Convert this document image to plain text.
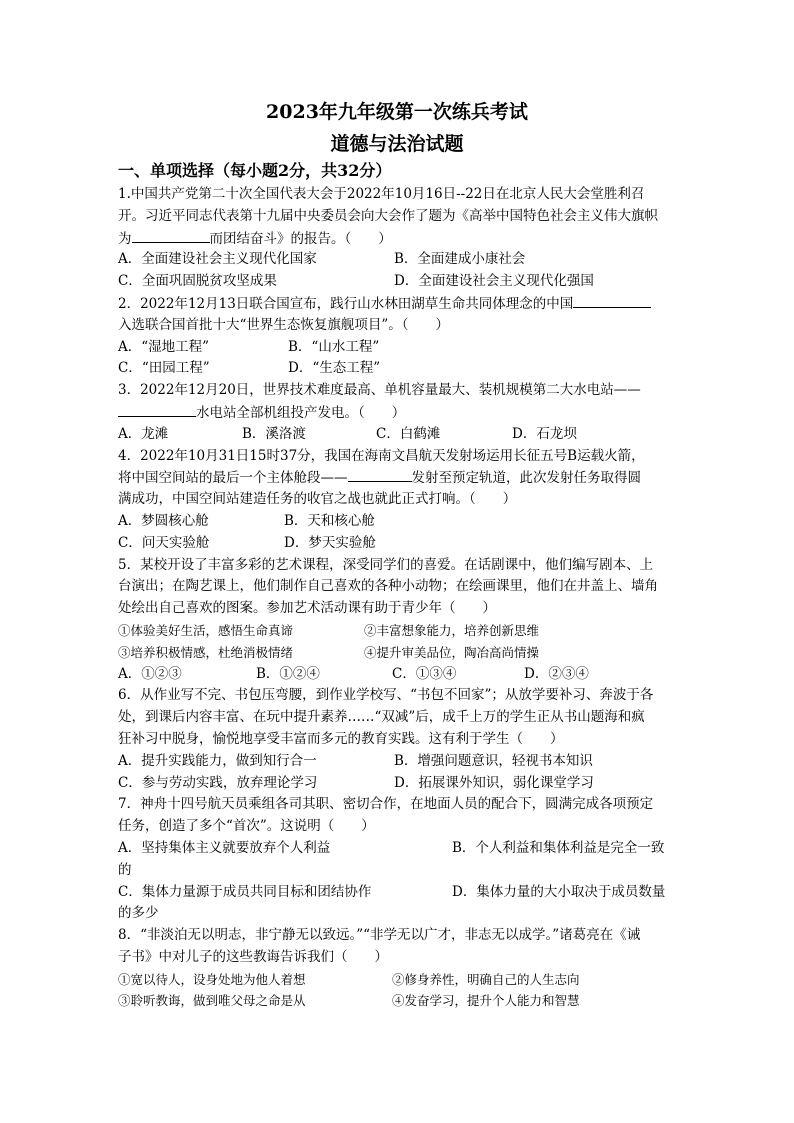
2023年九年级第一次练兵考试
道德与法治试题
一、单项选择（每小题2分，共32分）
1.中国共产党第二十次全国代表大会于2022年10月16日--22日在北京人民大会堂胜利召
开。习近平同志代表第十九届中央委员会向大会作了题为《高举中国特色社会主义伟大旗帜
为	而团结奋斗》的报告。（　　）
A．全面建设社会主义现代化国家	B．全面建成小康社会
C．全面巩固脱贫攻坚成果	D．全面建设社会主义现代化强国
2．2022年12月13日联合国宣布，践行山水林田湖草生命共同体理念的中国
入选联合国首批十大“世界生态恢复旗舰项目”。（　　）
A．“湿地工程”	B．“山水工程”
C．“田园工程”	D．“生态工程”
3．2022年12月20日，世界技术难度最高、单机容量最大、装机规模第二大水电站——
水电站全部机组投产发电。（　　）
A．龙滩	B．溪洛渡	C．白鹤滩	D．石龙坝
4．2022年10月31日15时37分，我国在海南文昌航天发射场运用长征五号B运载火箭，
将中国空间站的最后一个主体舱段——	发射至预定轨道，此次发射任务取得圆
满成功，中国空间站建造任务的收官之战也就此正式打响。（　　）
A．梦圆核心舱	B．天和核心舱
C．问天实验舱	D．梦天实验舱
5．某校开设了丰富多彩的艺术课程，深受同学们的喜爱。在话剧课中，他们编写剧本、上
台演出；在陶艺课上，他们制作自己喜欢的各种小动物；在绘画课里，他们在井盖上、墙角
处绘出自己喜欢的图案。参加艺术活动课有助于青少年（　　）
①体验美好生活，感悟生命真谛	②丰富想象能力，培养创新思维
③培养积极情感，杜绝消极情绪	④提升审美品位，陶冶高尚情操
A．①②③	B．①②④	C．①③④	D．②③④
6．从作业写不完、书包压弯腰，到作业学校写、“书包不回家”；从放学要补习、奔波于各
处，到课后内容丰富、在玩中提升素养……“双减”后，成千上万的学生正从书山题海和疯
狂补习中脱身，愉悦地享受丰富而多元的教育实践。这有利于学生（　　）
A．提升实践能力，做到知行合一	B．增强问题意识，轻视书本知识
C．参与劳动实践，放弃理论学习	D．拓展课外知识，弱化课堂学习
7．神舟十四号航天员乘组各司其职、密切合作，在地面人员的配合下，圆满完成各项预定
任务，创造了多个“首次”。这说明（　　）
A．坚持集体主义就要放弃个人利益	B．个人利益和集体利益是完全一致
的
C．集体力量源于成员共同目标和团结协作	D．集体力量的大小取决于成员数量
的多少
8．“非淡泊无以明志，非宁静无以致远。”“非学无以广才，非志无以成学。”诸葛亮在《诫
子书》中对儿子的这些教诲告诉我们（　　）
①宽以待人，设身处地为他人着想	②修身养性，明确自己的人生志向
③聆听教诲，做到唯父母之命是从	④发奋学习，提升个人能力和智慧
